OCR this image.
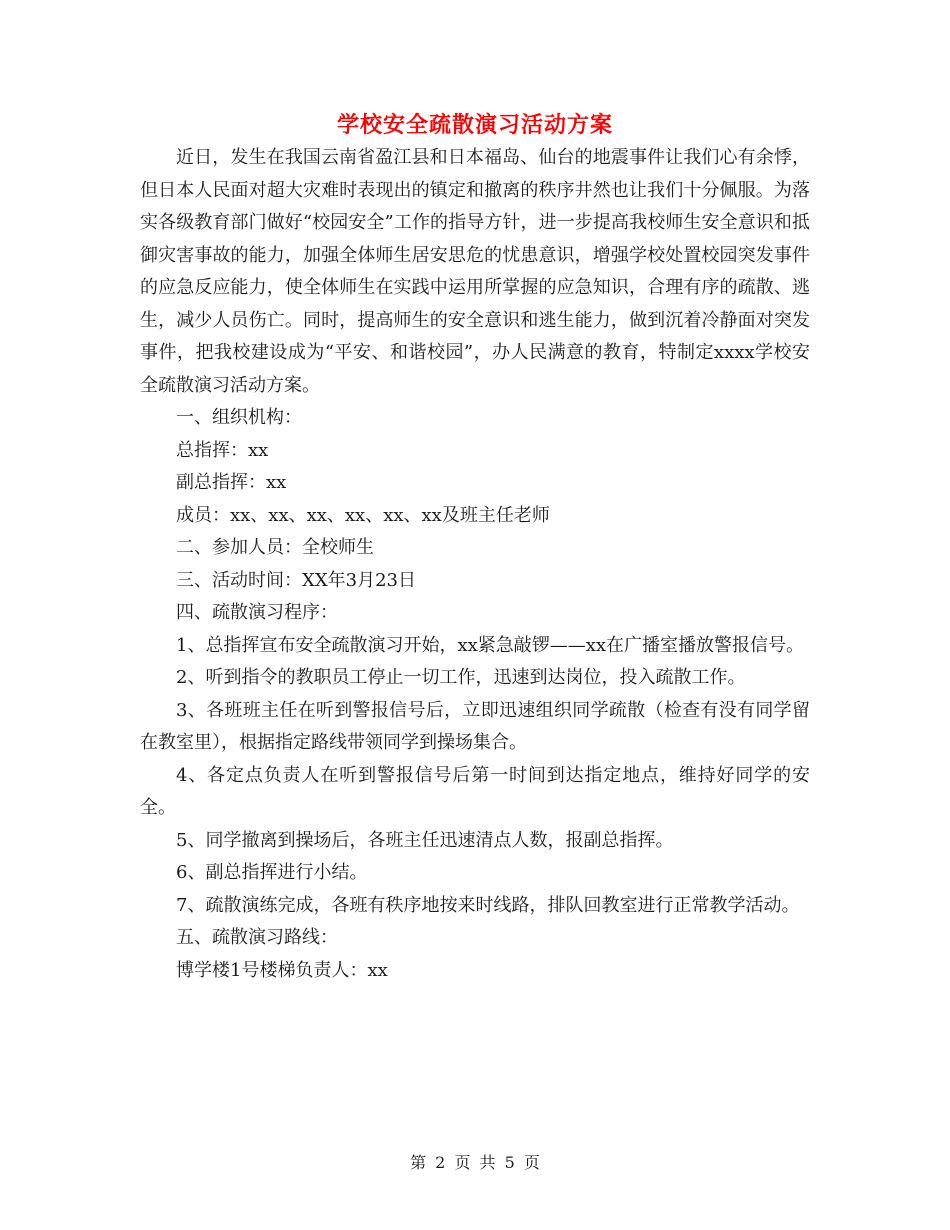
学校安全疏散演习活动方案

近日，发生在我国云南省盈江县和日本福岛、仙台的地震事件让我们心有余悸，但日本人民面对超大灾难时表现出的镇定和撤离的秩序井然也让我们十分佩服。为落实各级教育部门做好“校园安全”工作的指导方针，进一步提高我校师生安全意识和抵御灾害事故的能力，加强全体师生居安思危的忧患意识，增强学校处置校园突发事件的应急反应能力，使全体师生在实践中运用所掌握的应急知识，合理有序的疏散、逃生，减少人员伤亡。同时，提高师生的安全意识和逃生能力，做到沉着冷静面对突发事件，把我校建设成为“平安、和谐校园”，办人民满意的教育，特制定xxxx学校安全疏散演习活动方案。

一、组织机构：

总指挥：xx

副总指挥：xx

成员：xx、xx、xx、xx、xx、xx及班主任老师

二、参加人员：全校师生

三、活动时间：XX年3月23日

四、疏散演习程序：

1、总指挥宣布安全疏散演习开始，xx紧急敲锣——xx在广播室播放警报信号。

2、听到指令的教职员工停止一切工作，迅速到达岗位，投入疏散工作。

3、各班班主任在听到警报信号后，立即迅速组织同学疏散（检查有没有同学留在教室里），根据指定路线带领同学到操场集合。

4、各定点负责人在听到警报信号后第一时间到达指定地点，维持好同学的安全。

5、同学撤离到操场后，各班主任迅速清点人数，报副总指挥。

6、副总指挥进行小结。

7、疏散演练完成，各班有秩序地按来时线路，排队回教室进行正常教学活动。

五、疏散演习路线：

博学楼1号楼梯负责人：xx

第 2 页 共 5 页
